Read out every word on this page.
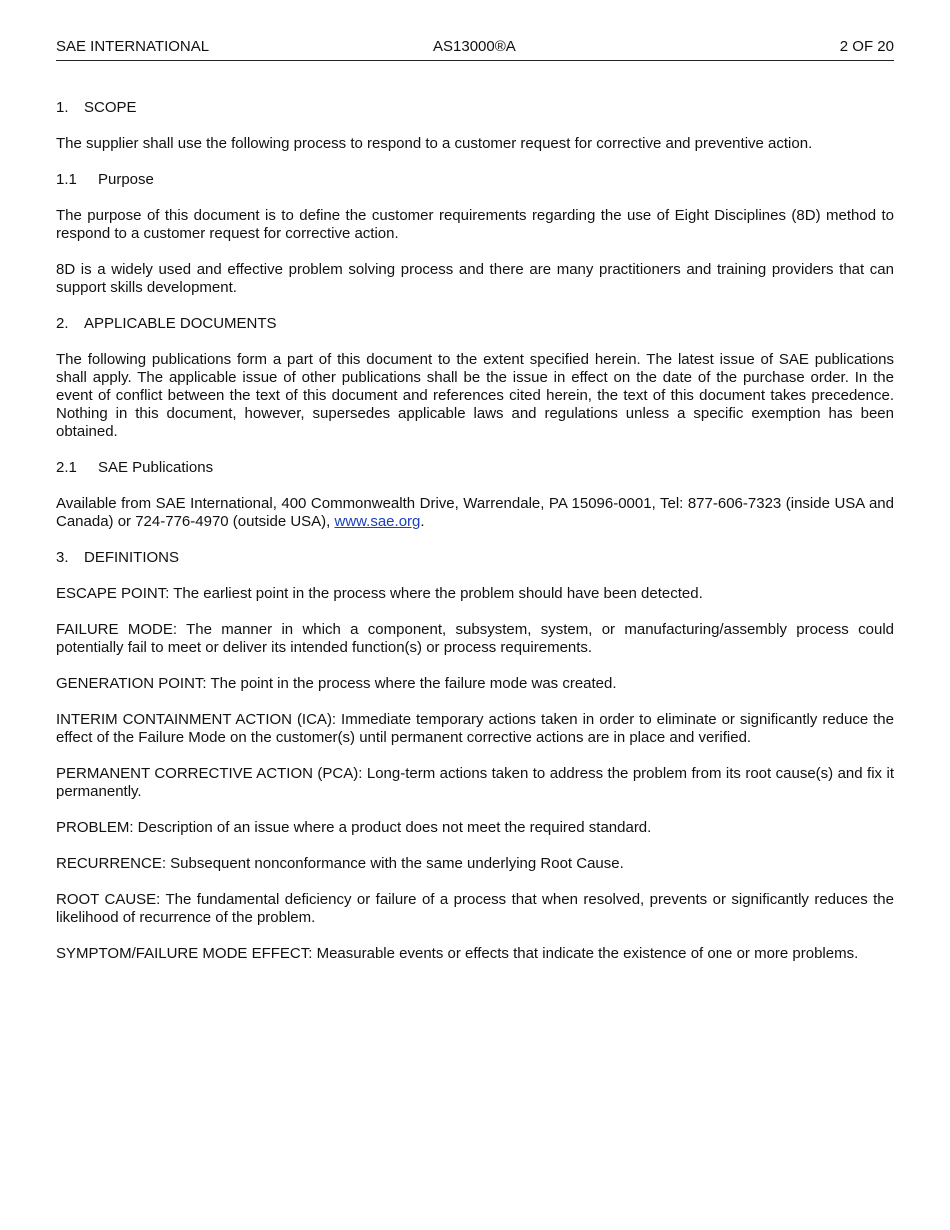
SAE INTERNATIONAL	AS13000®A	2 OF 20
1. SCOPE

The supplier shall use the following process to respond to a customer request for corrective and preventive action.

1.1 Purpose

The purpose of this document is to define the customer requirements regarding the use of Eight Disciplines (8D) method to respond to a customer request for corrective action.

8D is a widely used and effective problem solving process and there are many practitioners and training providers that can support skills development.

2. APPLICABLE DOCUMENTS

The following publications form a part of this document to the extent specified herein. The latest issue of SAE publications shall apply. The applicable issue of other publications shall be the issue in effect on the date of the purchase order. In the event of conflict between the text of this document and references cited herein, the text of this document takes precedence. Nothing in this document, however, supersedes applicable laws and regulations unless a specific exemption has been obtained.

2.1 SAE Publications

Available from SAE International, 400 Commonwealth Drive, Warrendale, PA 15096-0001, Tel: 877-606-7323 (inside USA and Canada) or 724-776-4970 (outside USA), www.sae.org.

3. DEFINITIONS

ESCAPE POINT: The earliest point in the process where the problem should have been detected.

FAILURE MODE: The manner in which a component, subsystem, system, or manufacturing/assembly process could potentially fail to meet or deliver its intended function(s) or process requirements.

GENERATION POINT: The point in the process where the failure mode was created.

INTERIM CONTAINMENT ACTION (ICA): Immediate temporary actions taken in order to eliminate or significantly reduce the effect of the Failure Mode on the customer(s) until permanent corrective actions are in place and verified.

PERMANENT CORRECTIVE ACTION (PCA): Long-term actions taken to address the problem from its root cause(s) and fix it permanently.

PROBLEM: Description of an issue where a product does not meet the required standard.

RECURRENCE: Subsequent nonconformance with the same underlying Root Cause.

ROOT CAUSE: The fundamental deficiency or failure of a process that when resolved, prevents or significantly reduces the likelihood of recurrence of the problem.

SYMPTOM/FAILURE MODE EFFECT: Measurable events or effects that indicate the existence of one or more problems.
